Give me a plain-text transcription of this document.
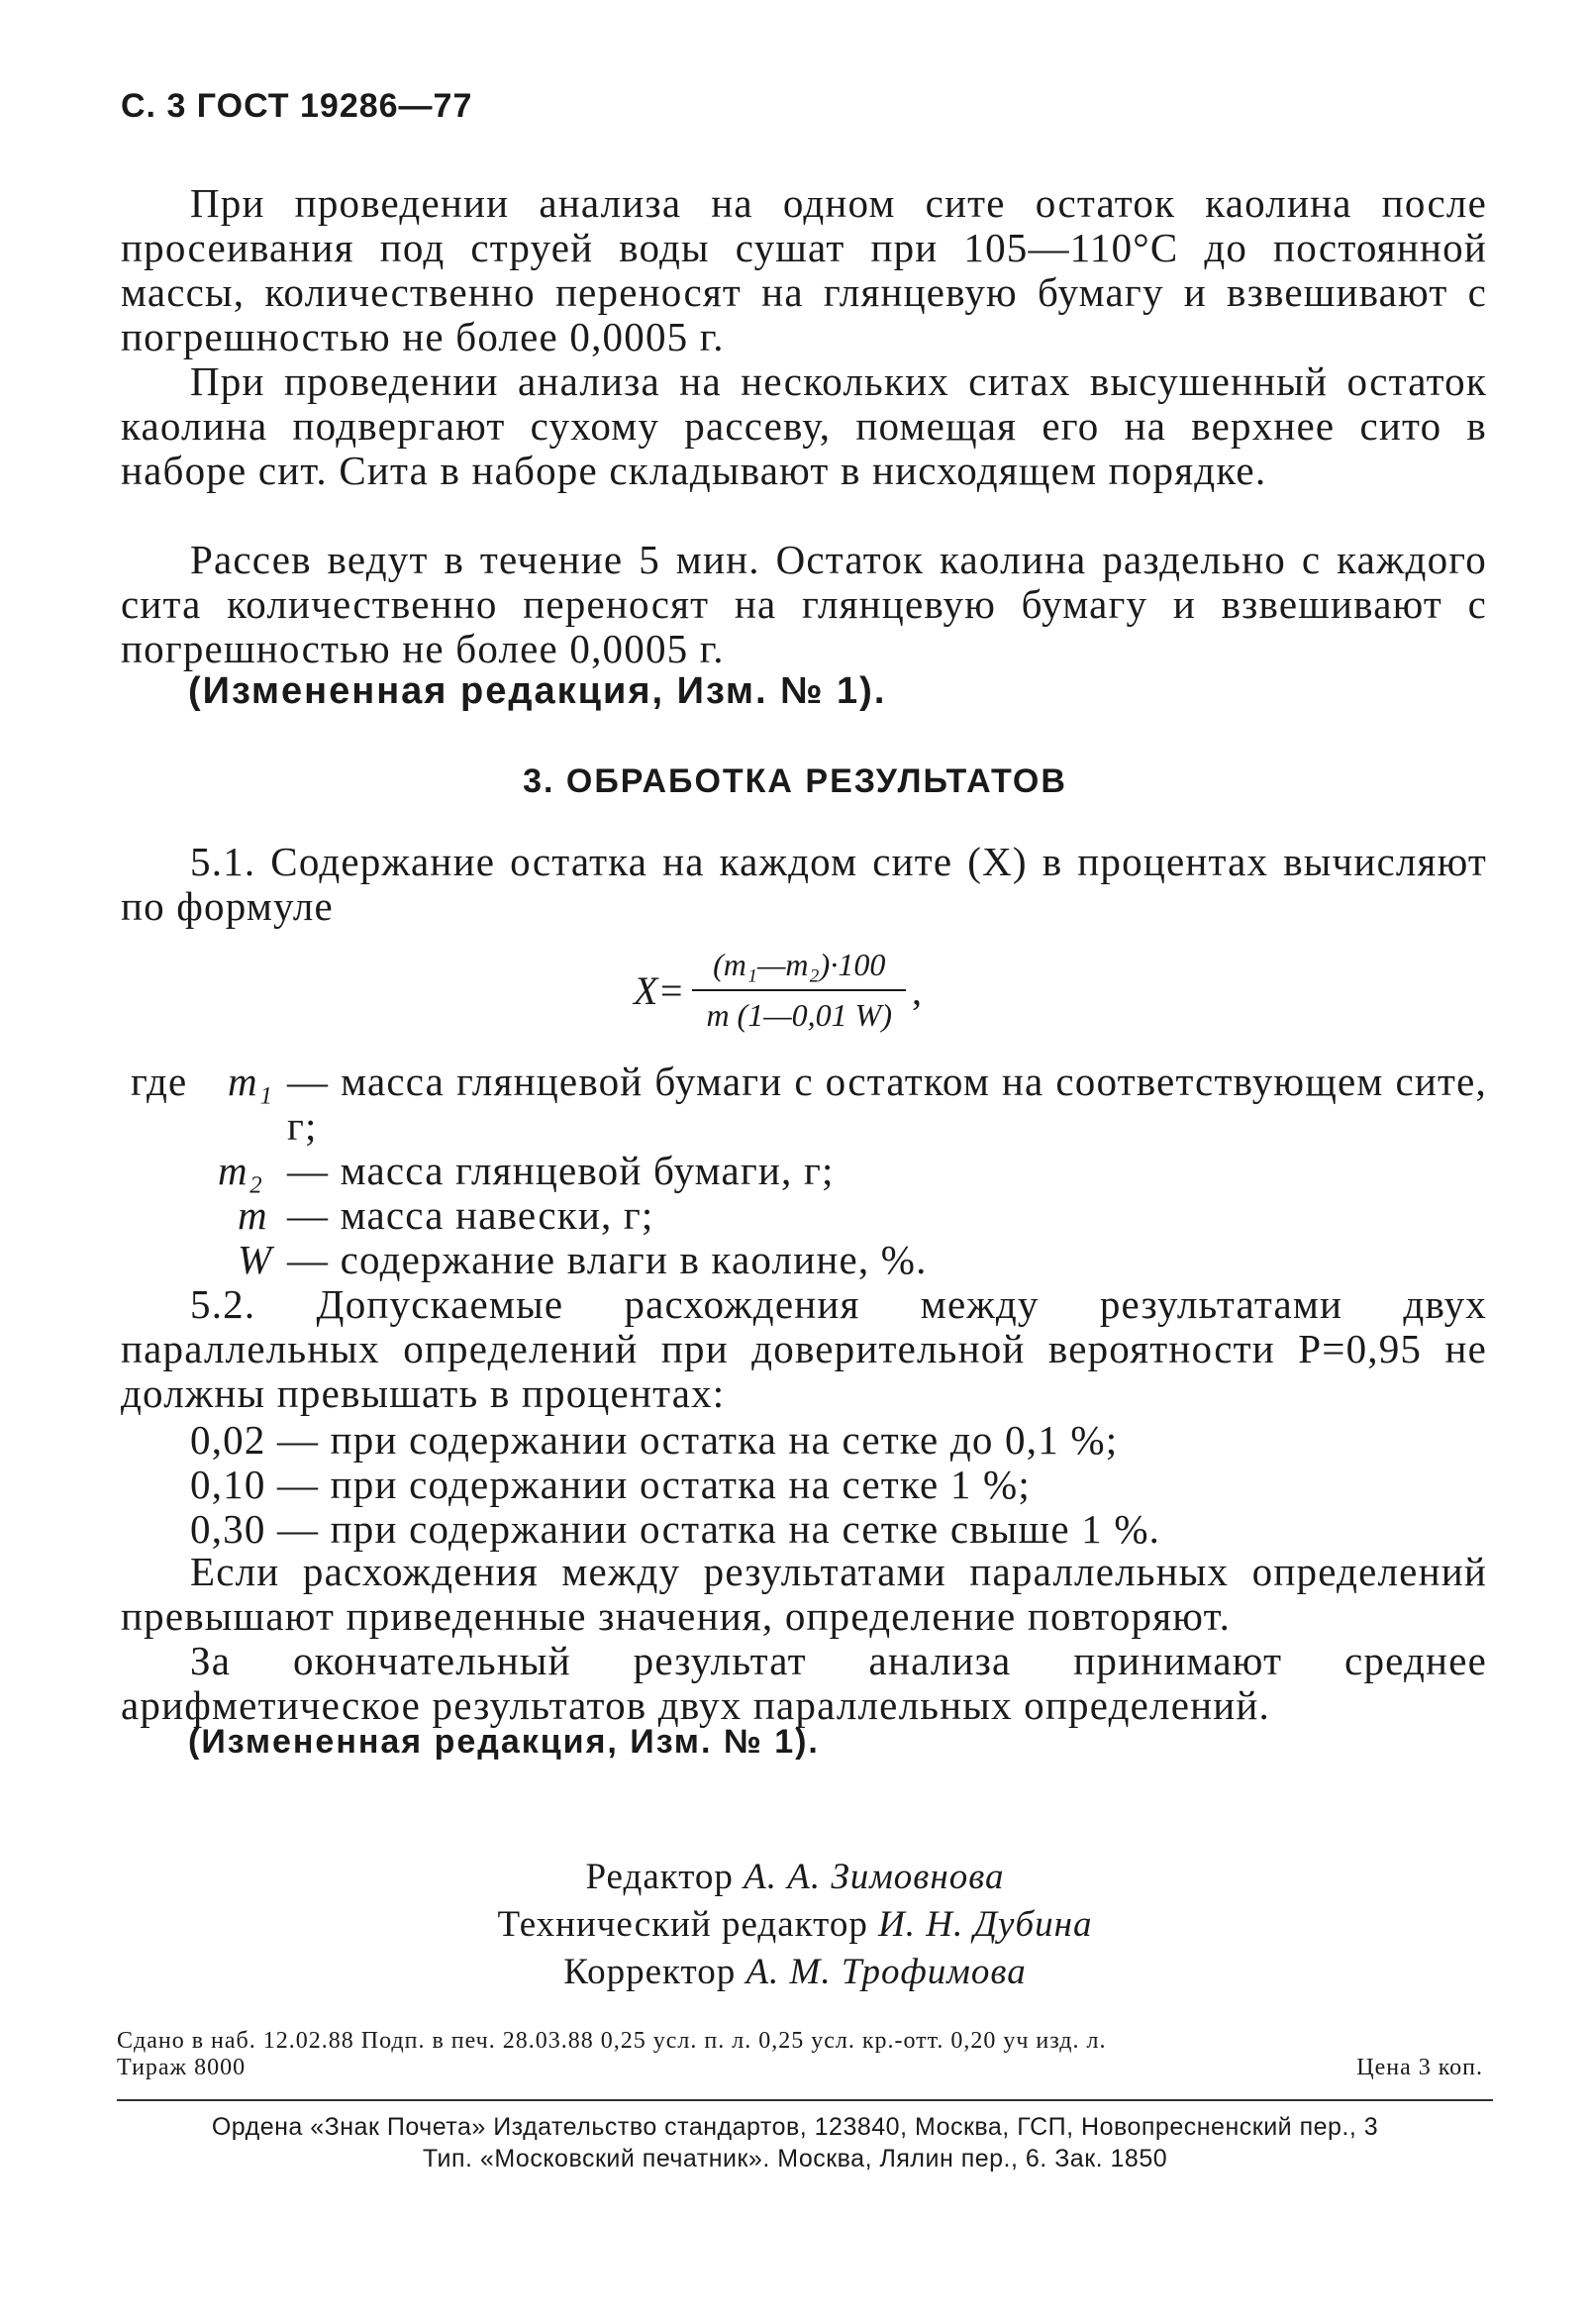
С. 3 ГОСТ 19286—77

При проведении анализа на одном сите остаток каолина после просеивания под струей воды сушат при 105—110°С до постоянной массы, количественно переносят на глянцевую бумагу и взвешивают с погрешностью не более 0,0005 г.

При проведении анализа на нескольких ситах высушенный остаток каолина подвергают сухому рассеву, помещая его на верхнее сито в наборе сит. Сита в наборе складывают в нисходящем порядке.

Рассев ведут в течение 5 мин. Остаток каолина раздельно с каждого сита количественно переносят на глянцевую бумагу и взвешивают с погрешностью не более 0,0005 г.

(Измененная редакция, Изм. № 1).
3. ОБРАБОТКА РЕЗУЛЬТАТОВ

5.1. Содержание остатка на каждом сите (X) в процентах вычисляют по формуле

$X= \frac{\text{(m₁—m₂)·100}}{m (1—0,01 W)}$ ,
где m₁ — масса глянцевой бумаги с остатком на соответствующем сите, г;
m₂ — масса глянцевой бумаги, г;
m — масса навески, г;
W — содержание влаги в каолине, %.

5.2. Допускаемые расхождения между результатами двух параллельных определений при доверительной вероятности P=0,95 не должны превышать в процентах:

0,02 — при содержании остатка на сетке до 0,1 %;
0,10 — при содержании остатка на сетке 1 %;
0,30 — при содержании остатка на сетке свыше 1 %.

Если расхождения между результатами параллельных определений превышают приведенные значения, определение повторяют.

За окончательный результат анализа принимают среднее арифметическое результатов двух параллельных определений.

(Измененная редакция, Изм. № 1).
Редактор А. А. Зимовнова
Технический редактор И. Н. Дубина
Корректор А. М. Трофимова
Сдано в наб. 12.02.88 Подп. в печ. 28.03.88 0,25 усл. п. л. 0,25 усл. кр.-отт. 0,20 уч изд. л.
Тираж 8000	Цена 3 коп.
Ордена «Знак Почета» Издательство стандартов, 123840, Москва, ГСП, Новопресненский пер., 3
Тип. «Московский печатник». Москва, Лялин пер., 6. Зак. 1850
